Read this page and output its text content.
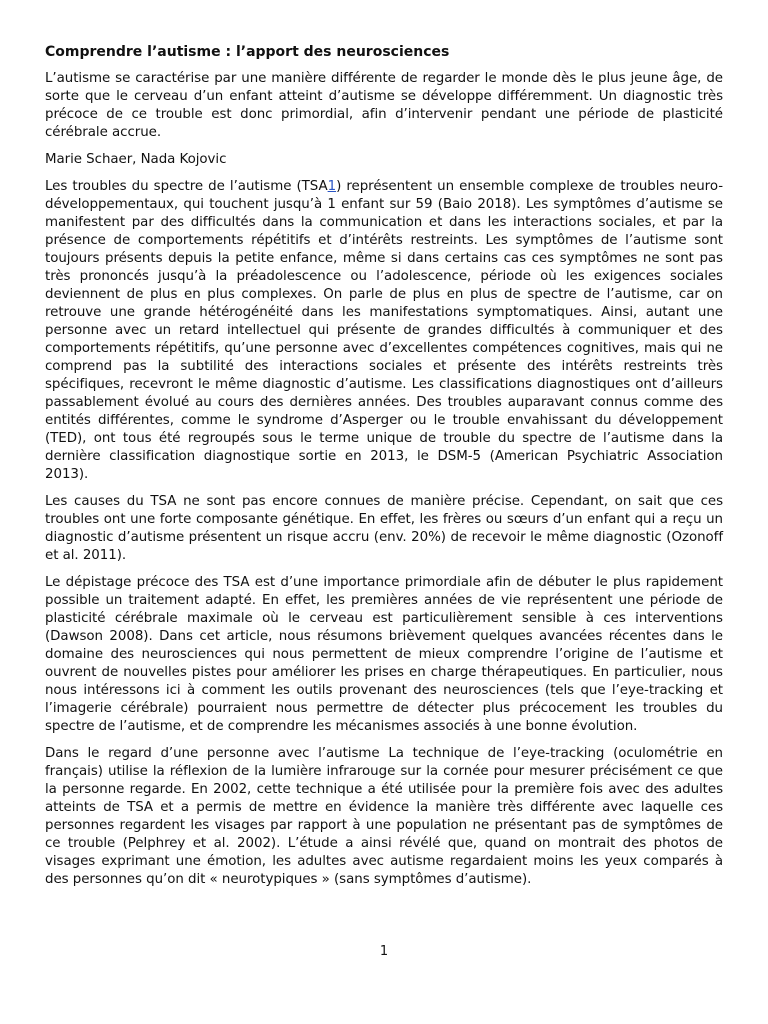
Comprendre l’autisme : l’apport des neurosciences

L’autisme se caractérise par une manière différente de regarder le monde dès le plus jeune âge, de sorte que le cerveau d’un enfant atteint d’autisme se développe différemment. Un diagnostic très précoce de ce trouble est donc primordial, afin d’intervenir pendant une période de plasticité cérébrale accrue.

Marie Schaer, Nada Kojovic

Les troubles du spectre de l’autisme (TSA1) représentent un ensemble complexe de troubles neuro-développementaux, qui touchent jusqu’à 1 enfant sur 59 (Baio 2018). Les symptômes d’autisme se manifestent par des difficultés dans la communication et dans les interactions sociales, et par la présence de comportements répétitifs et d’intérêts restreints. Les symptômes de l’autisme sont toujours présents depuis la petite enfance, même si dans certains cas ces symptômes ne sont pas très prononcés jusqu’à la préadolescence ou l’adolescence, période où les exigences sociales deviennent de plus en plus complexes. On parle de plus en plus de spectre de l’autisme, car on retrouve une grande hétérogénéité dans les manifestations symptomatiques. Ainsi, autant une personne avec un retard intellectuel qui présente de grandes difficultés à communiquer et des comportements répétitifs, qu’une personne avec d’excellentes compétences cognitives, mais qui ne comprend pas la subtilité des interactions sociales et présente des intérêts restreints très spécifiques, recevront le même diagnostic d’autisme. Les classifications diagnostiques ont d’ailleurs passablement évolué au cours des dernières années. Des troubles auparavant connus comme des entités différentes, comme le syndrome d’Asperger ou le trouble envahissant du développement (TED), ont tous été regroupés sous le terme unique de trouble du spectre de l’autisme dans la dernière classification diagnostique sortie en 2013, le DSM-5 (American Psychiatric Association 2013).

Les causes du TSA ne sont pas encore connues de manière précise. Cependant, on sait que ces troubles ont une forte composante génétique. En effet, les frères ou sœurs d’un enfant qui a reçu un diagnostic d’autisme présentent un risque accru (env. 20%) de recevoir le même diagnostic (Ozonoff et al. 2011).

Le dépistage précoce des TSA est d’une importance primordiale afin de débuter le plus rapidement possible un traitement adapté. En effet, les premières années de vie représentent une période de plasticité cérébrale maximale où le cerveau est particulièrement sensible à ces interventions (Dawson 2008). Dans cet article, nous résumons brièvement quelques avancées récentes dans le domaine des neurosciences qui nous permettent de mieux comprendre l’origine de l’autisme et ouvrent de nouvelles pistes pour améliorer les prises en charge thérapeutiques. En particulier, nous nous intéressons ici à comment les outils provenant des neurosciences (tels que l’eye-tracking et l’imagerie cérébrale) pourraient nous permettre de détecter plus précocement les troubles du spectre de l’autisme, et de comprendre les mécanismes associés à une bonne évolution.

Dans le regard d’une personne avec l’autisme La technique de l’eye-tracking (oculométrie en français) utilise la réflexion de la lumière infrarouge sur la cornée pour mesurer précisément ce que la personne regarde. En 2002, cette technique a été utilisée pour la première fois avec des adultes atteints de TSA et a permis de mettre en évidence la manière très différente avec laquelle ces personnes regardent les visages par rapport à une population ne présentant pas de symptômes de ce trouble (Pelphrey et al. 2002). L’étude a ainsi révélé que, quand on montrait des photos de visages exprimant une émotion, les adultes avec autisme regardaient moins les yeux comparés à des personnes qu’on dit « neurotypiques » (sans symptômes d’autisme).

1
